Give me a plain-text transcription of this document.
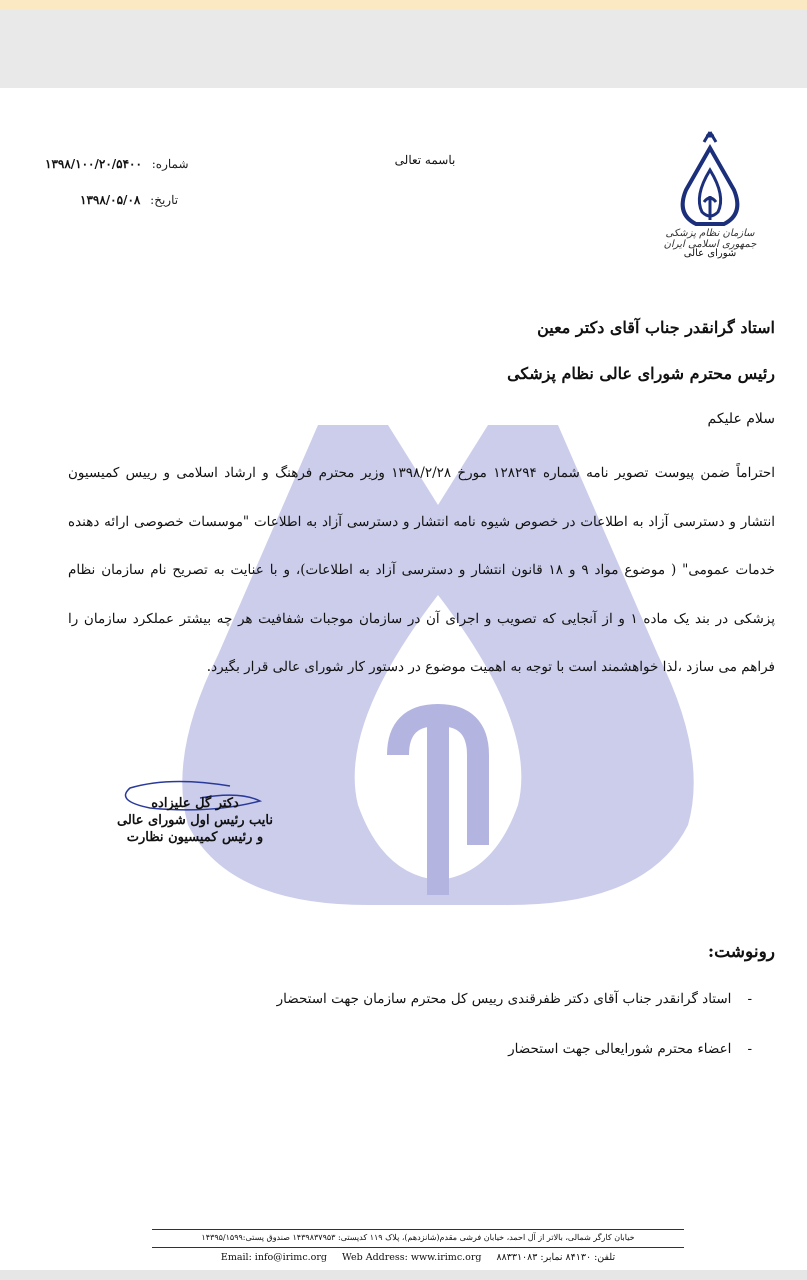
سازمان نظام پزشکی جمهوری اسلامی ایران
شورای عالی
باسمه تعالی
شماره: ۱۳۹۸/۱۰۰/۲۰/۵۴۰۰
تاریخ: ۱۳۹۸/۰۵/۰۸
استاد گرانقدر جناب آقای دکتر معین
رئیس محترم شورای عالی نظام پزشکی
سلام علیکم
احتراماً ضمن پیوست تصویر نامه شماره ۱۲۸۲۹۴ مورخ ۱۳۹۸/۲/۲۸ وزیر محترم فرهنگ و ارشاد اسلامی و رییس کمیسیون انتشار و دسترسی آزاد به اطلاعات در خصوص شیوه نامه انتشار و دسترسی آزاد به اطلاعات "موسسات خصوصی ارائه دهنده خدمات عمومی" ( موضوع مواد ۹ و ۱۸ قانون انتشار و دسترسی آزاد به اطلاعات)، و با عنایت به تصریح نام سازمان نظام پزشکی در بند یک ماده ۱ و از آنجایی که تصویب و اجرای آن در سازمان موجبات شفافیت هر چه بیشتر عملکرد سازمان را فراهم می سازد ،لذا خواهشمند است با توجه به اهمیت موضوع در دستور کار شورای عالی قرار بگیرد.
دکتر گل علیزاده
نایب رئیس اول شورای عالی
و رئیس کمیسیون نظارت
رونوشت:
-استاد گرانقدر جناب آقای دکتر ظفرقندی رییس کل محترم سازمان جهت استحضار
-اعضاء محترم شورایعالی جهت استحضار
خیابان کارگر شمالی، بالاتر از آل احمد، خیابان فرشی مقدم(شانزدهم)، پلاک ۱۱۹ کدپستی: ۱۴۳۹۸۳۷۹۵۳ صندوق پستی:۱۴۳۹۵/۱۵۹۹
Email: info@irimc.org Web Address: www.irimc.org تلفن: ۸۴۱۳۰ نمابر: ۸۸۳۳۱۰۸۳
